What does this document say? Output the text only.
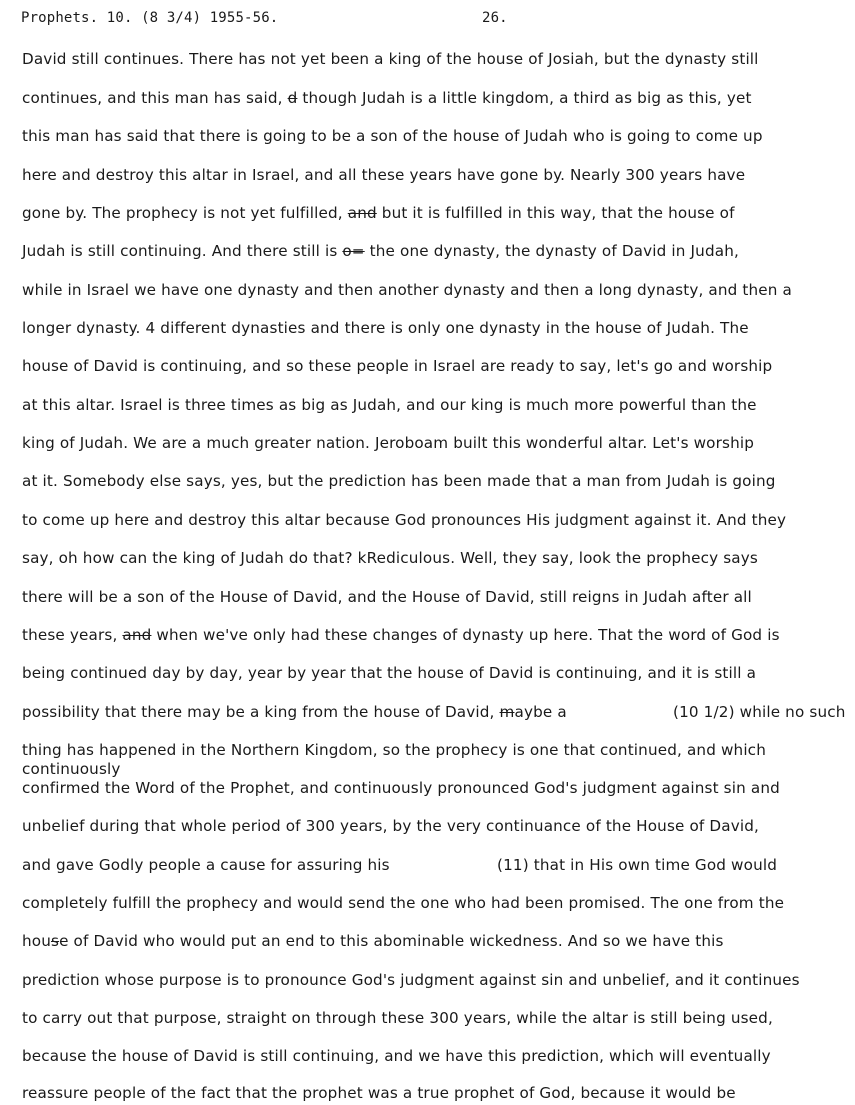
Prophets. 10. (8 3/4) 1955-56.	26.
David still continues. There has not yet been a king of the house of Josiah, but the dynasty still
continues, and this man has said, d though Judah is a little kingdom, a third as big as this, yet
this man has said that there is going to be a son of the house of Judah who is going to come up
here and destroy this altar in Israel, and all these years have gone by. Nearly 300 years have
gone by. The prophecy is not yet fulfilled, and but it is fulfilled in this way, that the house of
Judah is still continuing. And there still is o= the one dynasty, the dynasty of David in Judah,
while in Israel we have one dynasty and then another dynasty and then a long dynasty, and then a
longer dynasty. 4 different dynasties and there is only one dynasty in the house of Judah. The
house of David is continuing, and so these people in Israel are ready to say, let's go and worship
at this altar. Israel is three times as big as Judah, and our king is much more powerful than the
king of Judah. We are a much greater nation. Jeroboam built this wonderful altar. Let's worship
at it. Somebody else says, yes, but the prediction has been made that a man from Judah is going
to come up here and destroy this altar because God pronounces His judgment against it. And they
say, oh how can the king of Judah do that? kRediculous. Well, they say, look the prophecy says
there will be a son of the House of David, and the House of David, still reigns in Judah after all
these years, and when we've only had these changes of dynasty up here. That the word of God is
being continued day by day, year by year that the house of David is continuing, and it is still a
possibility that there may be a king from the house of David, maybe a	(10 1/2) while no such
thing has happened in the Northern Kingdom, so the prophecy is one that continued, and which
continuously
confirmed the Word of the Prophet, and continuously pronounced God's judgment against sin and
unbelief during that whole period of 300 years, by the very continuance of the House of David,
and gave Godly people a cause for assuring his	(11) that in His own time God would
completely fulfill the prophecy and would send the one who had been promised. The one from the
house of David who would put an end to this abominable wickedness. And so we have this
prediction whose purpose is to pronounce God's judgment against sin and unbelief, and it continues
to carry out that purpose, straight on through these 300 years, while the altar is still being used,
because the house of David is still continuing, and we have this prediction, which will eventually
reassure people of the fact that the prophet was a true prophet of God, because it would be
